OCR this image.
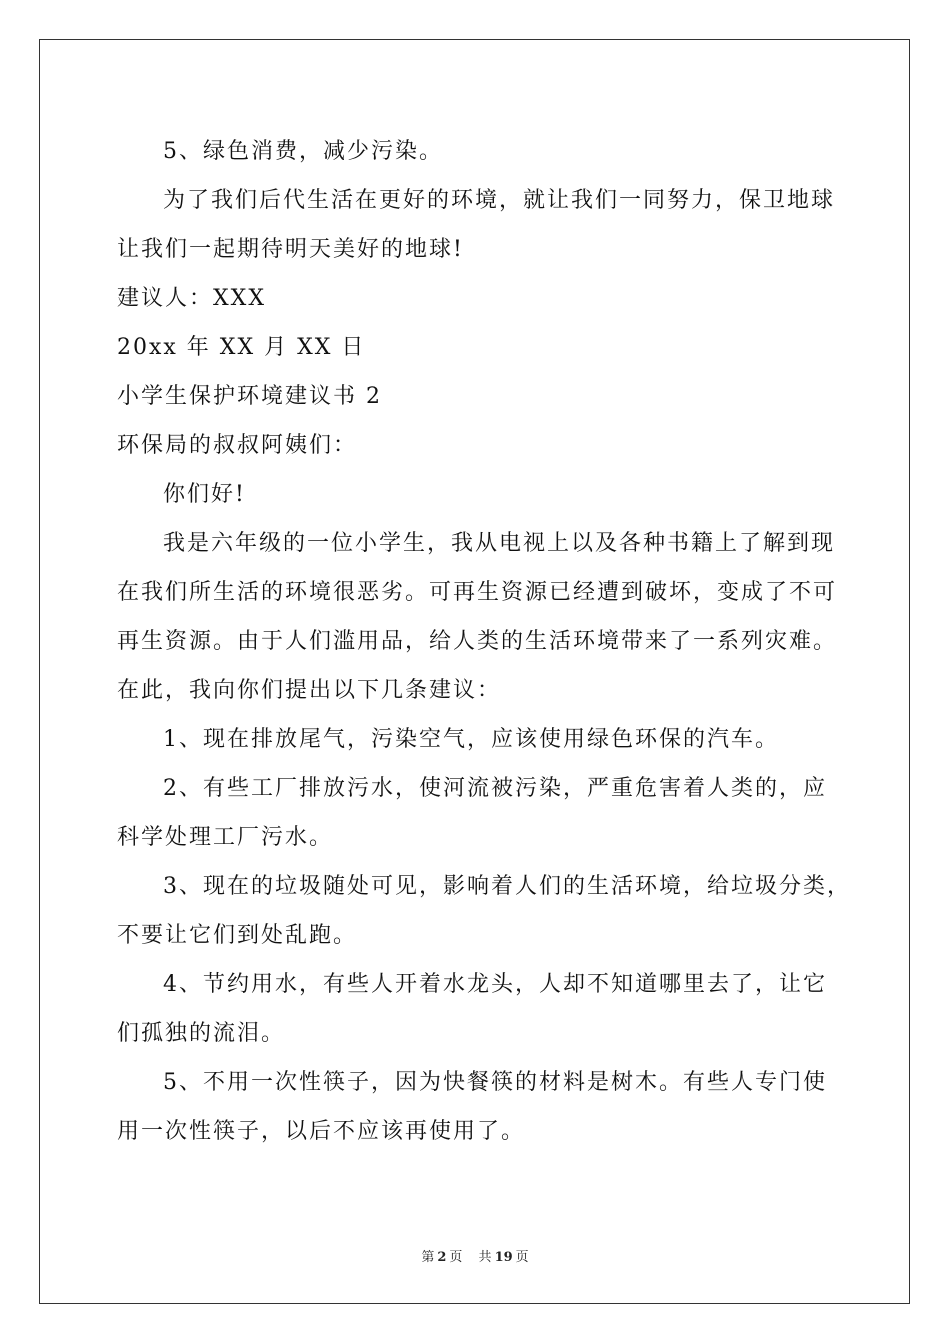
5、绿色消费，减少污染。
为了我们后代生活在更好的环境，就让我们一同努力，保卫地球
让我们一起期待明天美好的地球!
建议人：XXX
20xx 年 XX 月 XX 日
小学生保护环境建议书 2
环保局的叔叔阿姨们：
你们好!
我是六年级的一位小学生，我从电视上以及各种书籍上了解到现
在我们所生活的环境很恶劣。可再生资源已经遭到破坏，变成了不可
再生资源。由于人们滥用品，给人类的生活环境带来了一系列灾难。
在此，我向你们提出以下几条建议：
1、现在排放尾气，污染空气，应该使用绿色环保的汽车。
2、有些工厂排放污水，使河流被污染，严重危害着人类的，应
科学处理工厂污水。
3、现在的垃圾随处可见，影响着人们的生活环境，给垃圾分类，
不要让它们到处乱跑。
4、节约用水，有些人开着水龙头，人却不知道哪里去了，让它
们孤独的流泪。
5、不用一次性筷子，因为快餐筷的材料是树木。有些人专门使
用一次性筷子，以后不应该再使用了。
第 2 页 共 19 页
